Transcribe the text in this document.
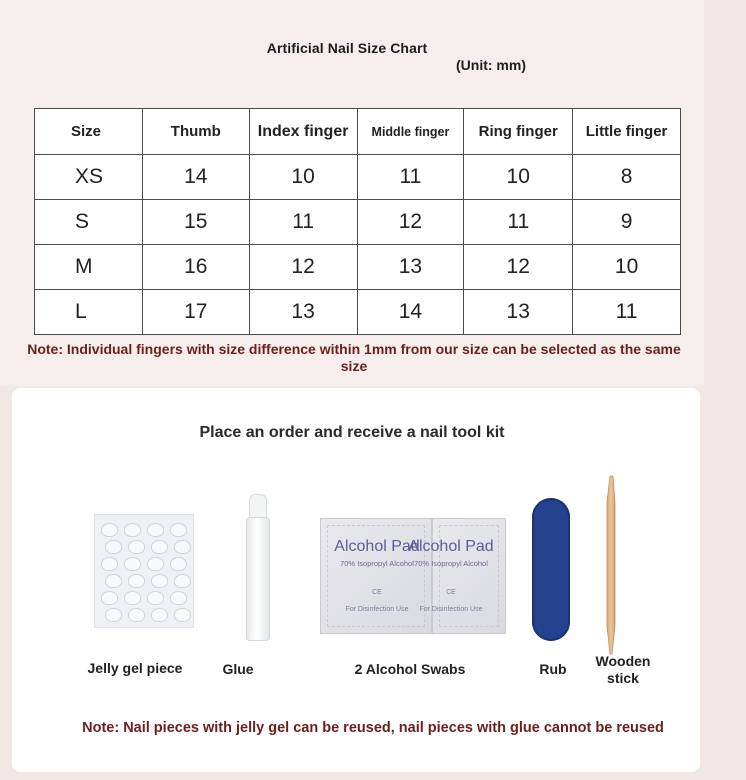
Artificial Nail Size Chart
(Unit: mm)
Size	Thumb	Index finger	Middle finger	Ring finger	Little finger
XS	14	10	11	10	8
S	15	11	12	11	9
M	16	12	13	12	10
L	17	13	14	13	11
Note: Individual fingers with size difference within 1mm from our size can be selected as the same size
Place an order and receive a nail tool kit
Jelly gel piece	Glue
Alcohol Pad
70% Isopropyl Alcohol
CE
For Disinfection Use
Alcohol Pad
70% Isopropyl Alcohol
CE
For Disinfection Use
2 Alcohol Swabs	Rub	Wooden stick
Note: Nail pieces with jelly gel can be reused, nail pieces with glue cannot be reused
